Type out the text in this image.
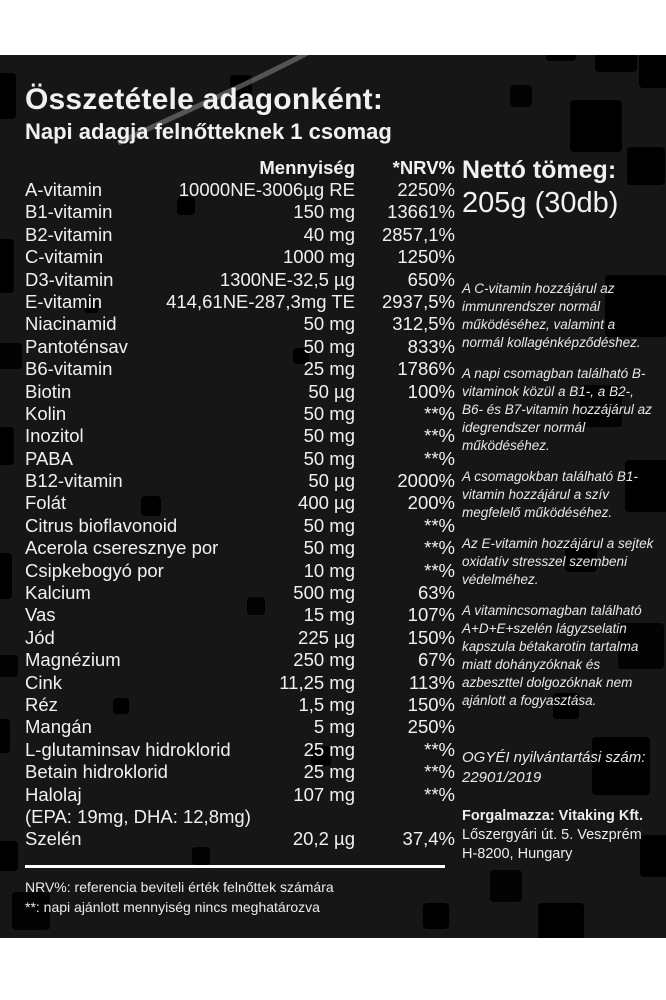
Összetétele adagonként:
Napi adagja felnőtteknek 1 csomag
Mennyiség *NRV%
A-vitamin	10000NE-3006µg RE 2250%
B1-vitamin	150 mg 13661%
B2-vitamin	40 mg 2857,1%
C-vitamin	1000 mg 1250%
D3-vitamin	1300NE-32,5 µg	650%
E-vitamin	414,61NE-287,3mg TE 2937,5%
Niacinamid	50 mg 312,5%
Pantoténsav	50 mg	833%
B6-vitamin	25 mg 1786%
Biotin	50 µg	100%
Kolin	50 mg	**%
Inozitol	50 mg	**%
PABA	50 mg	**%
B12-vitamin	50 µg 2000%
Folát	400 µg	200%
Citrus bioflavonoid	50 mg	**%
Acerola cseresznye por	50 mg	**%
Csipkebogyó por	10 mg	**%
Kalcium	500 mg	63%
Vas	15 mg	107%
Jód	225 µg	150%
Magnézium	250 mg	67%
Cink	11,25 mg	113%
Réz	1,5 mg	150%
Mangán	5 mg	250%
L-glutaminsav hidroklorid	25 mg	**%
Betain hidroklorid	25 mg	**%
Halolaj	107 mg	**%
(EPA: 19mg, DHA: 12,8mg)
Szelén	20,2 µg	37,4%
NRV%: referencia beviteli érték felnőttek számára
**: napi ajánlott mennyiség nincs meghatározva
Nettó tömeg:
205g (30db)

A C-vitamin hozzájárul az immunrendszer normál működéséhez, valamint a normál kollagénképződéshez.

A napi csomagban található B-vitaminok közül a B1-, a B2-, B6- és B7-vitamin hozzájárul az idegrendszer normál működéséhez.

A csomagokban található B1-vitamin hozzájárul a szív megfelelő működéséhez.

Az E-vitamin hozzájárul a sejtek oxidatív stresszel szembeni védelméhez.

A vitamincsomagban található A+D+E+szelén lágyzselatin kapszula bétakarotin tartalma miatt dohányzóknak és azbeszttel dolgozóknak nem ajánlott a fogyasztása.

OGYÉI nyilvántartási szám: 22901/2019
Forgalmazza: Vitaking Kft.
Lőszergyári út. 5. Veszprém
H-8200, Hungary
